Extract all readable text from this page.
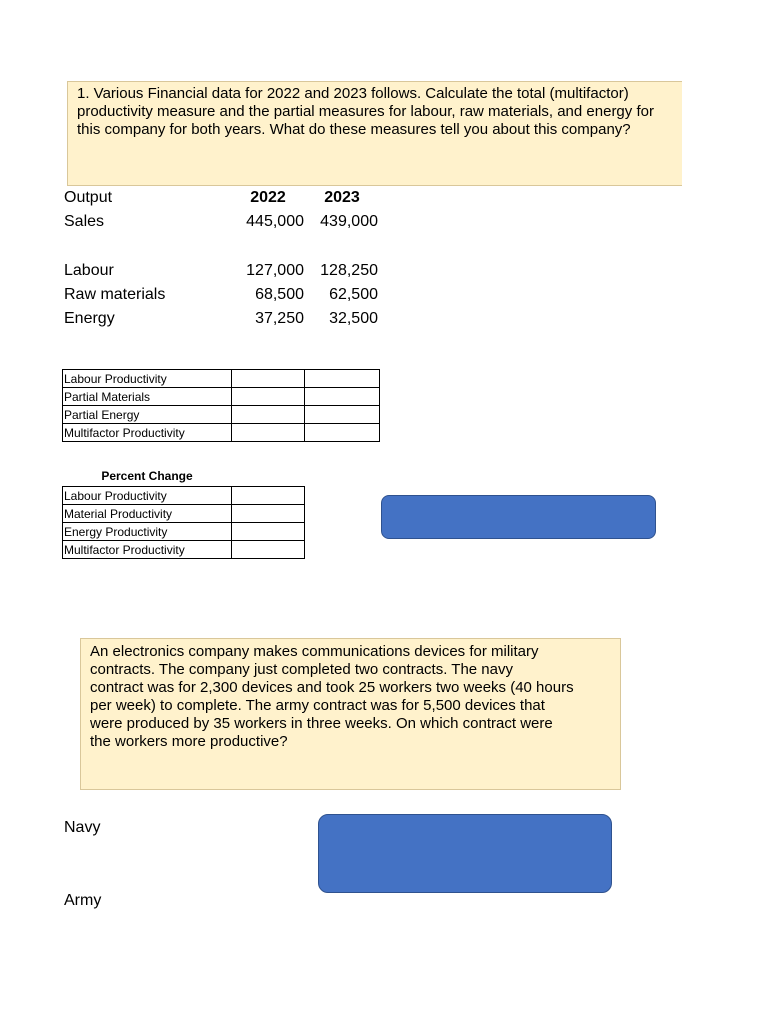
1. Various Financial data for 2022 and 2023 follows. Calculate the total (multifactor)
productivity measure and the partial measures for labour, raw materials, and energy for
this company for both years. What do these measures tell you about this company?
Output	2022	2023
Sales	445,000	439,000
Labour	127,000	128,250
Raw materials	68,500	62,500
Energy	37,250	32,500
Labour Productivity		
Partial Materials		
Partial Energy		
Multifactor Productivity		
Percent Change
Labour Productivity	
Material Productivity	
Energy Productivity	
Multifactor Productivity	
An electronics company makes communications devices for military
contracts. The company just completed two contracts. The navy
contract was for 2,300 devices and took 25 workers two weeks (40 hours
per week) to complete. The army contract was for 5,500 devices that
were produced by 35 workers in three weeks. On which contract were
the workers more productive?
Navy
Army
